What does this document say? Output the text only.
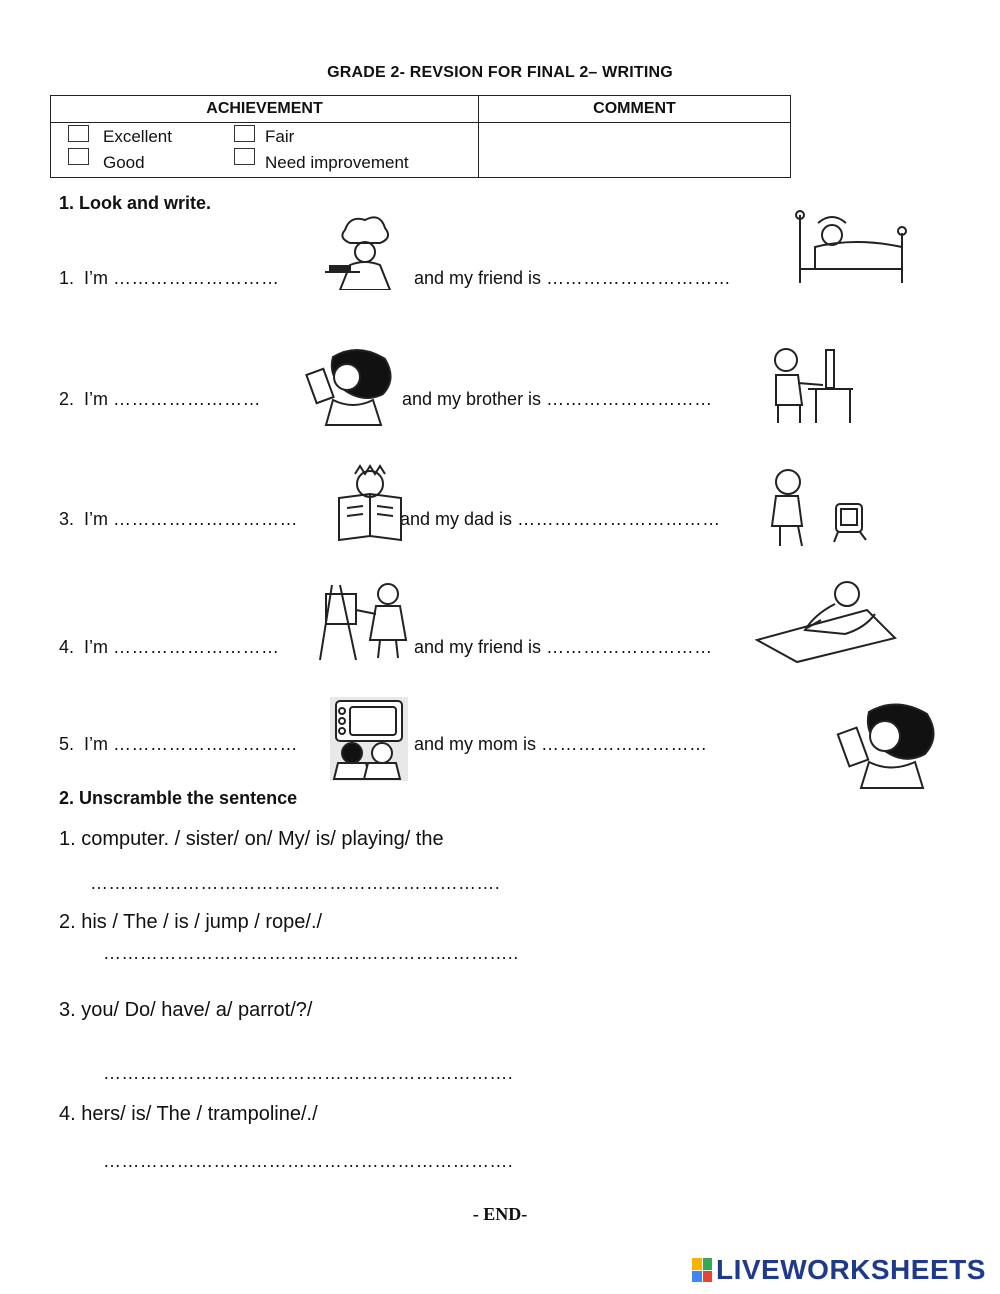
GRADE 2- REVSION FOR FINAL 2– WRITING
ACHIEVEMENT	COMMENT

Excellent Fair
Good Need improvement	

1. Look and write.
1. I’m ………………………	and my friend is …………………………
2. I’m ……………………	and my brother is ………………………
3. I’m …………………………	and my dad is ……………………………
4. I’m ………………………	and my friend is ………………………
5. I’m …………………………	and my mom is ………………………
2. Unscramble the sentence
1. computer. / sister/ on/ My/ is/ playing/ the
………………………………………………………….
2. his / The / is / jump / rope/./
…………………………………………………………..
3. you/ Do/ have/ a/ parrot/?/
………………………………………………………….
4. hers/ is/ The / trampoline/./
………………………………………………………….
- END-
LIVEWORKSHEETS
